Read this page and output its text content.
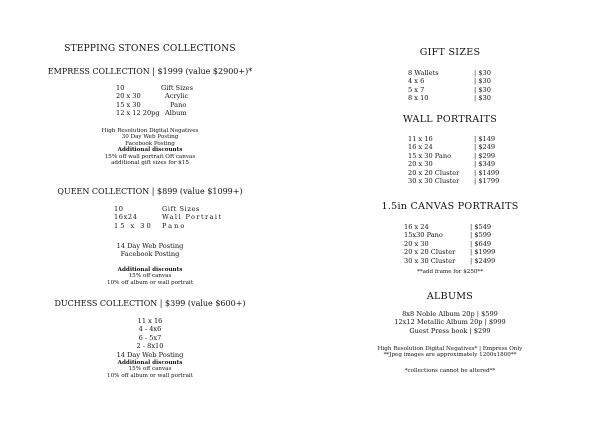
STEPPING STONES COLLECTIONS
EMPRESS COLLECTION | $1999 (value $2900+)*
10	Gift Sizes
20 x 30	Acrylic
15 x 30	Pano
12 x 12 20pg Album
High Resolution Digital Negatives
30 Day Web Posting
Facebook Posting
Additional discounts
15% off wall portrait OR canvas
additional gift sizes for $15
QUEEN COLLECTION | $899 (value $1099+)
10	Gift Sizes
16x24	Wall Portrait
15 x 30 Pano
14 Day Web Posting
Facebook Posting
Additional discounts
15% off canvas
10% off album or wall portrait
DUCHESS COLLECTION | $399 (value $600+)
11 x 16
4 - 4x6
6 - 5x7
2 - 8x10
14 Day Web Posting
Additional discounts
15% off canvas
10% off album or wall portrait
GIFT SIZES
8 Wallets	| $30
4 x 6	| $30
5 x 7	| $30
8 x 10	| $30
WALL PORTRAITS
11 x 16	| $149
16 x 24	| $249
15 x 30 Pano	| $299
20 x 30	| $349
20 x 20 Cluster | $1499
30 x 30 Cluster | $1799
1.5in CANVAS PORTRAITS
16 x 24	| $549
15x30 Pano	| $599
20 x 30	| $649
20 x 20 Cluster | $1999
30 x 30 Cluster | $2499
**add frame for $250**
ALBUMS
8x8 Noble Album 20p | $599
12x12 Metallic Album 20p | $999
Guest Press book | $299
High Resolution Digital Negatives* | Empress Only
**Jpeg images are approximately 1200x1800**
*collections cannot be altered**
